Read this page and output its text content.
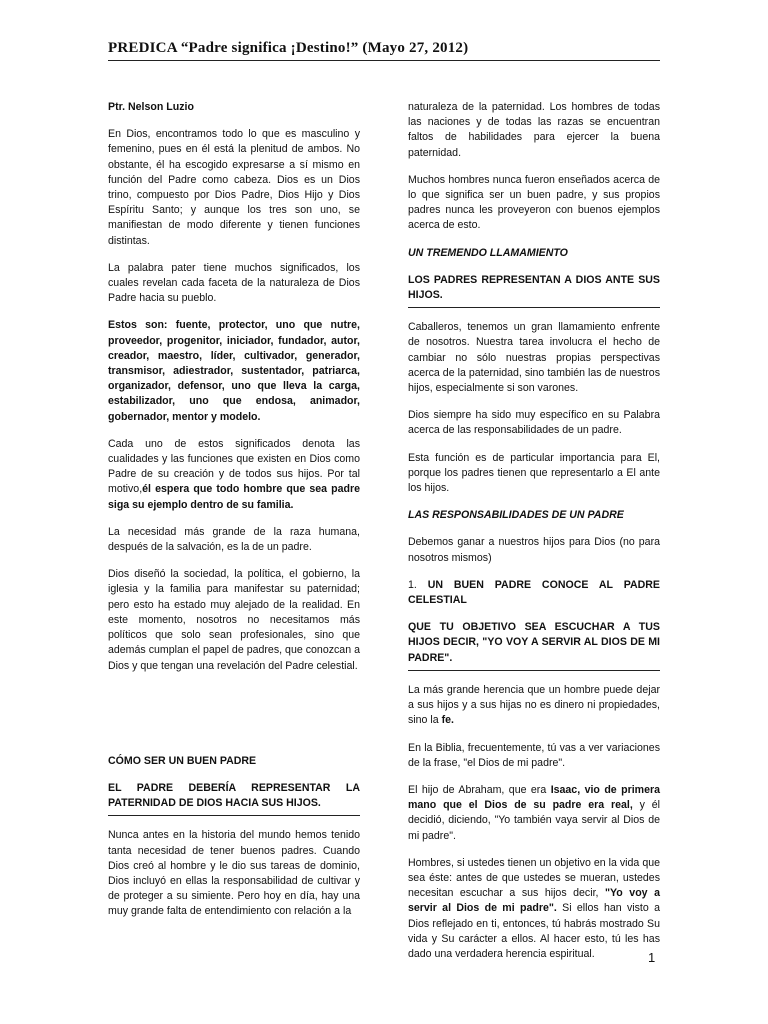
PREDICA “Padre significa ¡Destino!” (Mayo 27, 2012)

Ptr. Nelson Luzio

En Dios, encontramos todo lo que es masculino y femenino, pues en él está la plenitud de ambos. No obstante, él ha escogido expresarse a sí mismo en función del Padre como cabeza. Dios es un Dios trino, compuesto por Dios Padre, Dios Hijo y Dios Espíritu Santo; y aunque los tres son uno, se manifiestan de modo diferente y tienen funciones distintas.

La palabra pater tiene muchos significados, los cuales revelan cada faceta de la naturaleza de Dios Padre hacia su pueblo.

Estos son: fuente, protector, uno que nutre, proveedor, progenitor, iniciador, fundador, autor, creador, maestro, líder, cultivador, generador, transmisor, adiestrador, sustentador, patriarca, organizador, defensor, uno que lleva la carga, estabilizador, uno que endosa, animador, gobernador, mentor y modelo.

Cada uno de estos significados denota las cualidades y las funciones que existen en Dios como Padre de su creación y de todos sus hijos. Por tal motivo,él espera que todo hombre que sea padre siga su ejemplo dentro de su familia.

La necesidad más grande de la raza humana, después de la salvación, es la de un padre.

Dios diseñó la sociedad, la política, el gobierno, la iglesia y la familia para manifestar su paternidad; pero esto ha estado muy alejado de la realidad. En este momento, nosotros no necesitamos más políticos que solo sean profesionales, sino que además cumplan el papel de padres, que conozcan a Dios y que tengan una revelación del Padre celestial.

CÓMO SER UN BUEN PADRE

EL PADRE DEBERÍA REPRESENTAR LA PATERNIDAD DE DIOS HACIA SUS HIJOS.

Nunca antes en la historia del mundo hemos tenido tanta necesidad de tener buenos padres. Cuando Dios creó al hombre y le dio sus tareas de dominio, Dios incluyó en ellas la responsabilidad de cultivar y de proteger a su simiente. Pero hoy en día, hay una muy grande falta de entendimiento con relación a la

naturaleza de la paternidad. Los hombres de todas las naciones y de todas las razas se encuentran faltos de habilidades para ejercer la buena paternidad.

Muchos hombres nunca fueron enseñados acerca de lo que significa ser un buen padre, y sus propios padres nunca les proveyeron con buenos ejemplos acerca de esto.

UN TREMENDO LLAMAMIENTO

LOS PADRES REPRESENTAN A DIOS ANTE SUS HIJOS.

Caballeros, tenemos un gran llamamiento enfrente de nosotros. Nuestra tarea involucra el hecho de cambiar no sólo nuestras propias perspectivas acerca de la paternidad, sino también las de nuestros hijos, especialmente si son varones.

Dios siempre ha sido muy específico en su Palabra acerca de las responsabilidades de un padre.

Esta función es de particular importancia para El, porque los padres tienen que representarlo a El ante los hijos.

LAS RESPONSABILIDADES DE UN PADRE

Debemos ganar a nuestros hijos para Dios (no para nosotros mismos)

1. UN BUEN PADRE CONOCE AL PADRE CELESTIAL

QUE TU OBJETIVO SEA ESCUCHAR A TUS HIJOS DECIR, "YO VOY A SERVIR AL DIOS DE MI PADRE".

La más grande herencia que un hombre puede dejar a sus hijos y a sus hijas no es dinero ni propiedades, sino la fe.

En la Biblia, frecuentemente, tú vas a ver variaciones de la frase, "el Dios de mi padre".

El hijo de Abraham, que era Isaac, vio de primera mano que el Dios de su padre era real, y él decidió, diciendo, "Yo también vaya servir al Dios de mi padre".

Hombres, si ustedes tienen un objetivo en la vida que sea éste: antes de que ustedes se mueran, ustedes necesitan escuchar a sus hijos decir, "Yo voy a servir al Dios de mi padre". Si ellos han visto a Dios reflejado en ti, entonces, tú habrás mostrado Su vida y Su carácter a ellos. Al hacer esto, tú les has dado una verdadera herencia espiritual.	1
